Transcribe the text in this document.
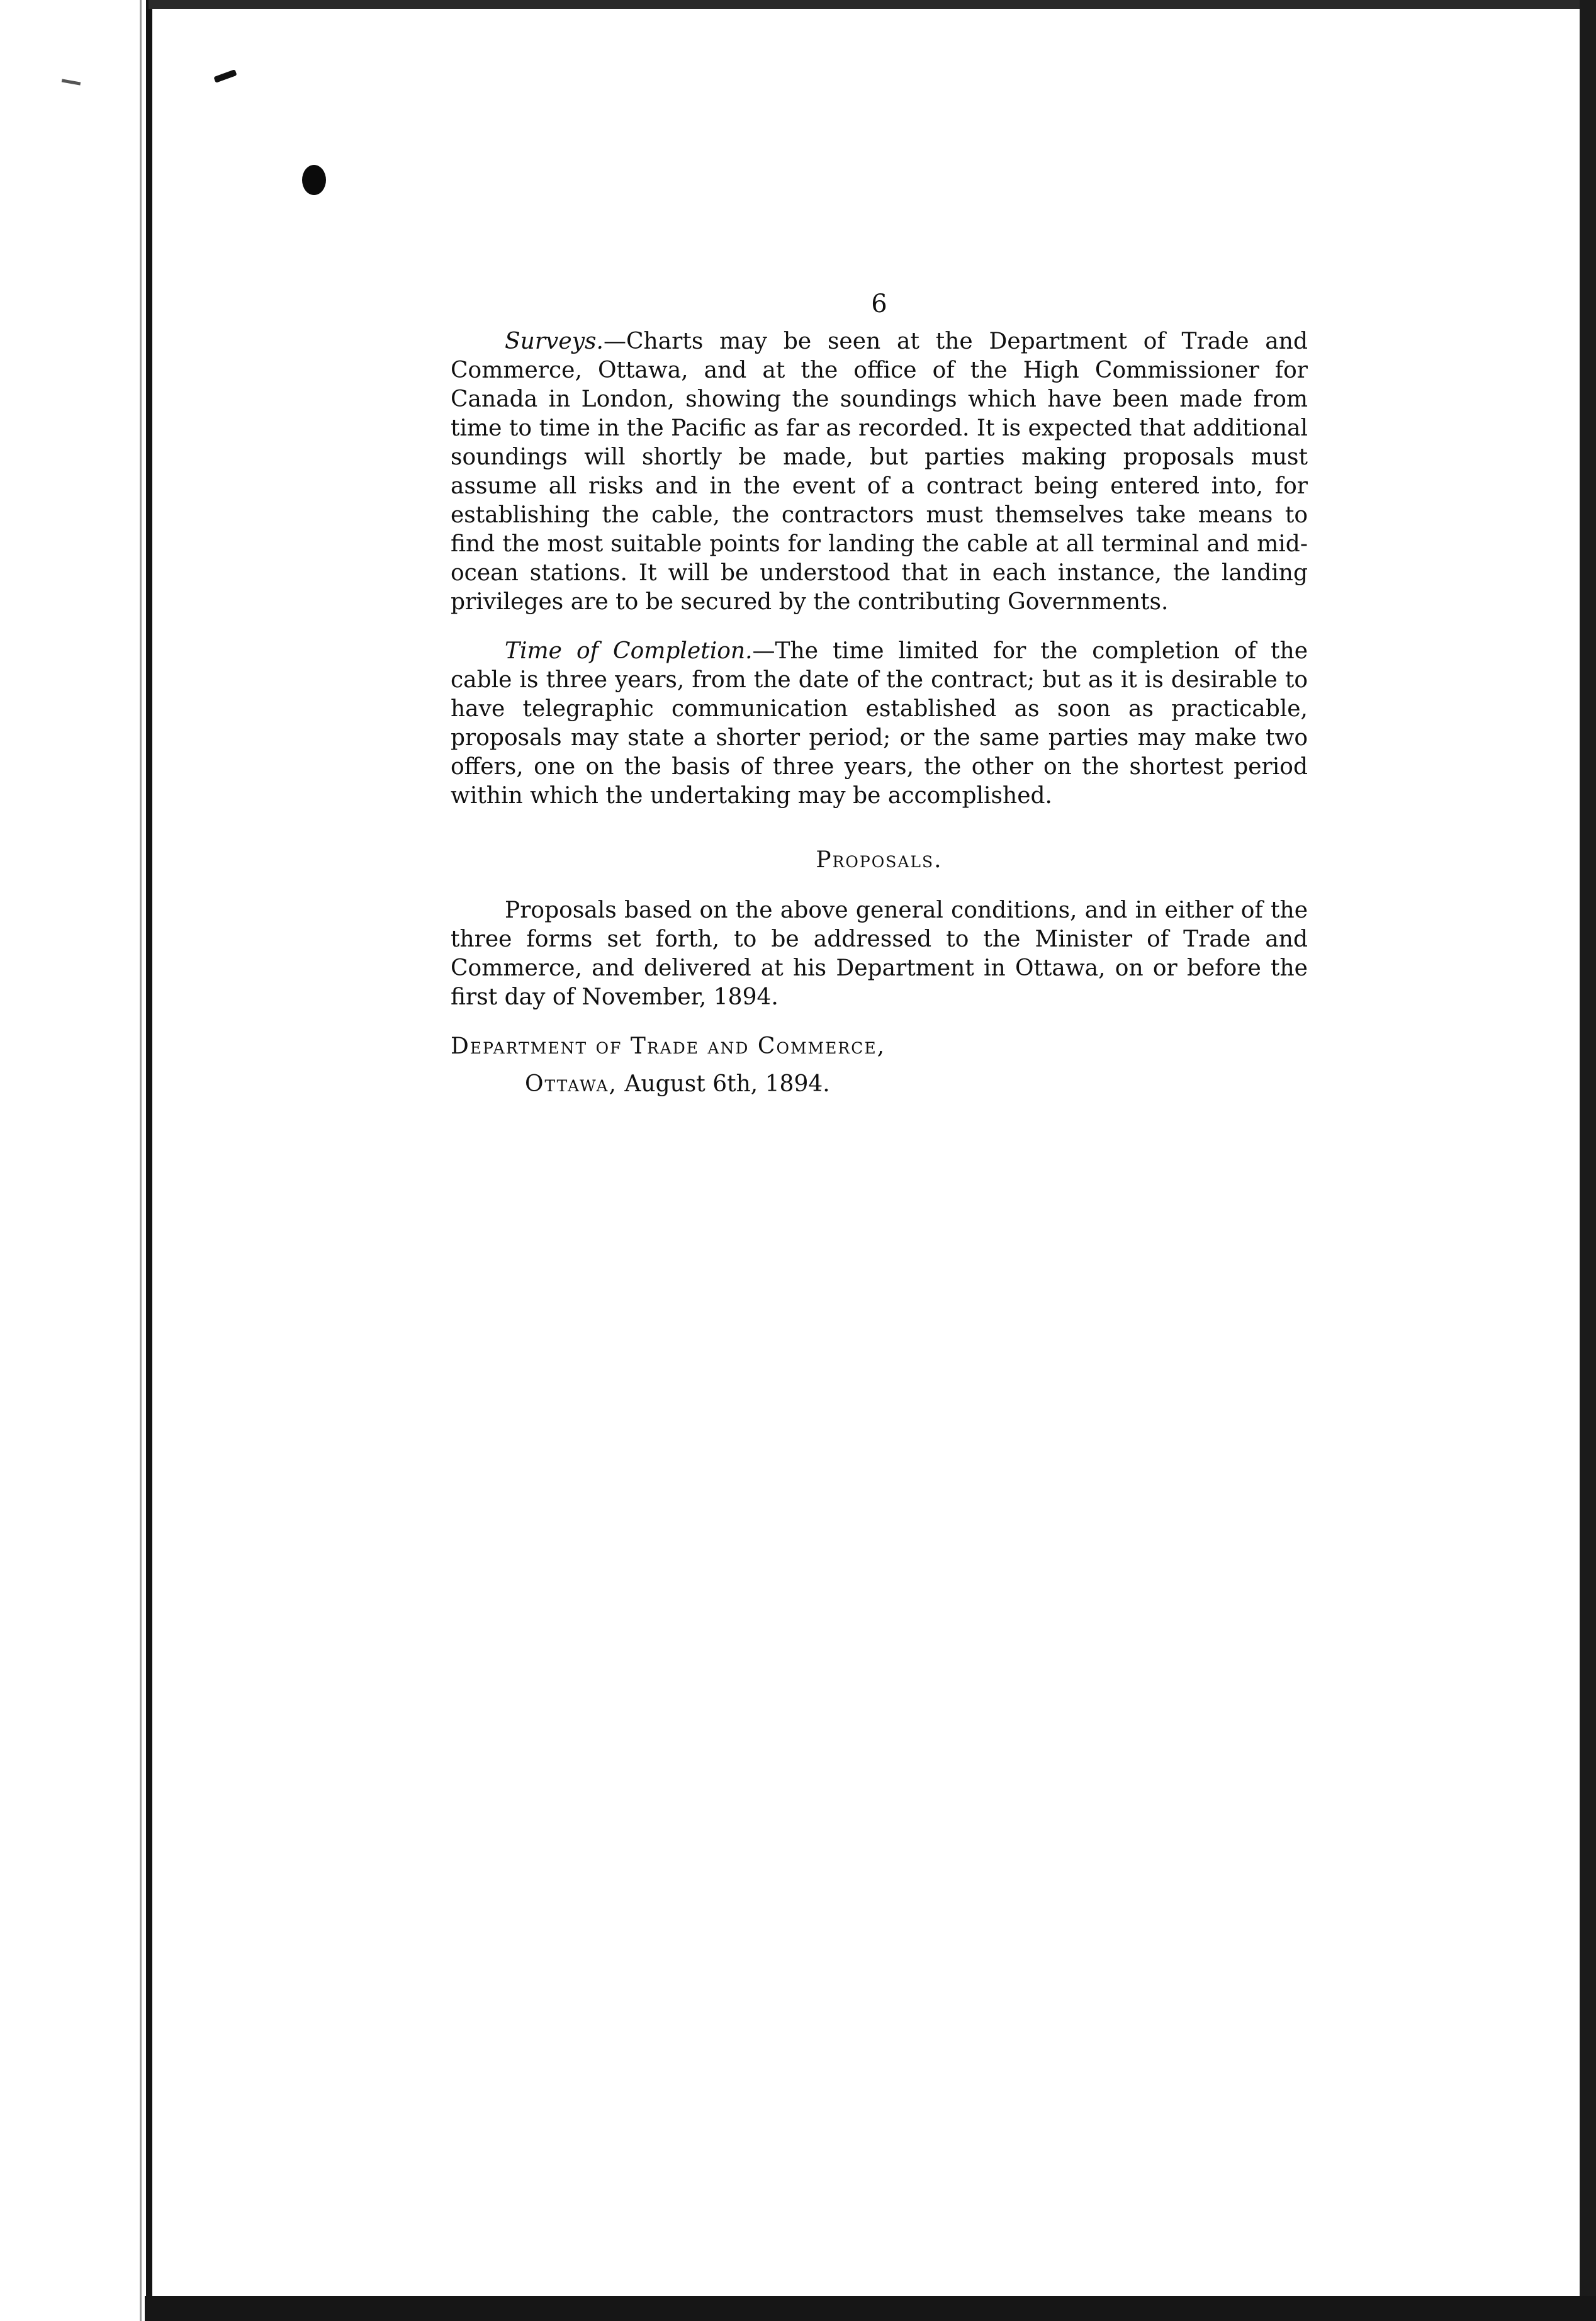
6

Surveys.—Charts may be seen at the Department of Trade and Commerce, Ottawa, and at the office of the High Commissioner for Canada in London, showing the soundings which have been made from time to time in the Pacific as far as recorded. It is expected that additional soundings will shortly be made, but parties making proposals must assume all risks and in the event of a contract being entered into, for establishing the cable, the contractors must themselves take means to find the most suitable points for landing the cable at all terminal and mid-ocean stations. It will be understood that in each instance, the landing privileges are to be secured by the contributing Governments.

Time of Completion.—The time limited for the completion of the cable is three years, from the date of the contract; but as it is desirable to have telegraphic communication established as soon as practicable, proposals may state a shorter period; or the same parties may make two offers, one on the basis of three years, the other on the shortest period within which the undertaking may be accomplished.

Proposals.

Proposals based on the above general conditions, and in either of the three forms set forth, to be addressed to the Minister of Trade and Commerce, and delivered at his Department in Ottawa, on or before the first day of November, 1894.

Department of Trade and Commerce,
Ottawa, August 6th, 1894.
